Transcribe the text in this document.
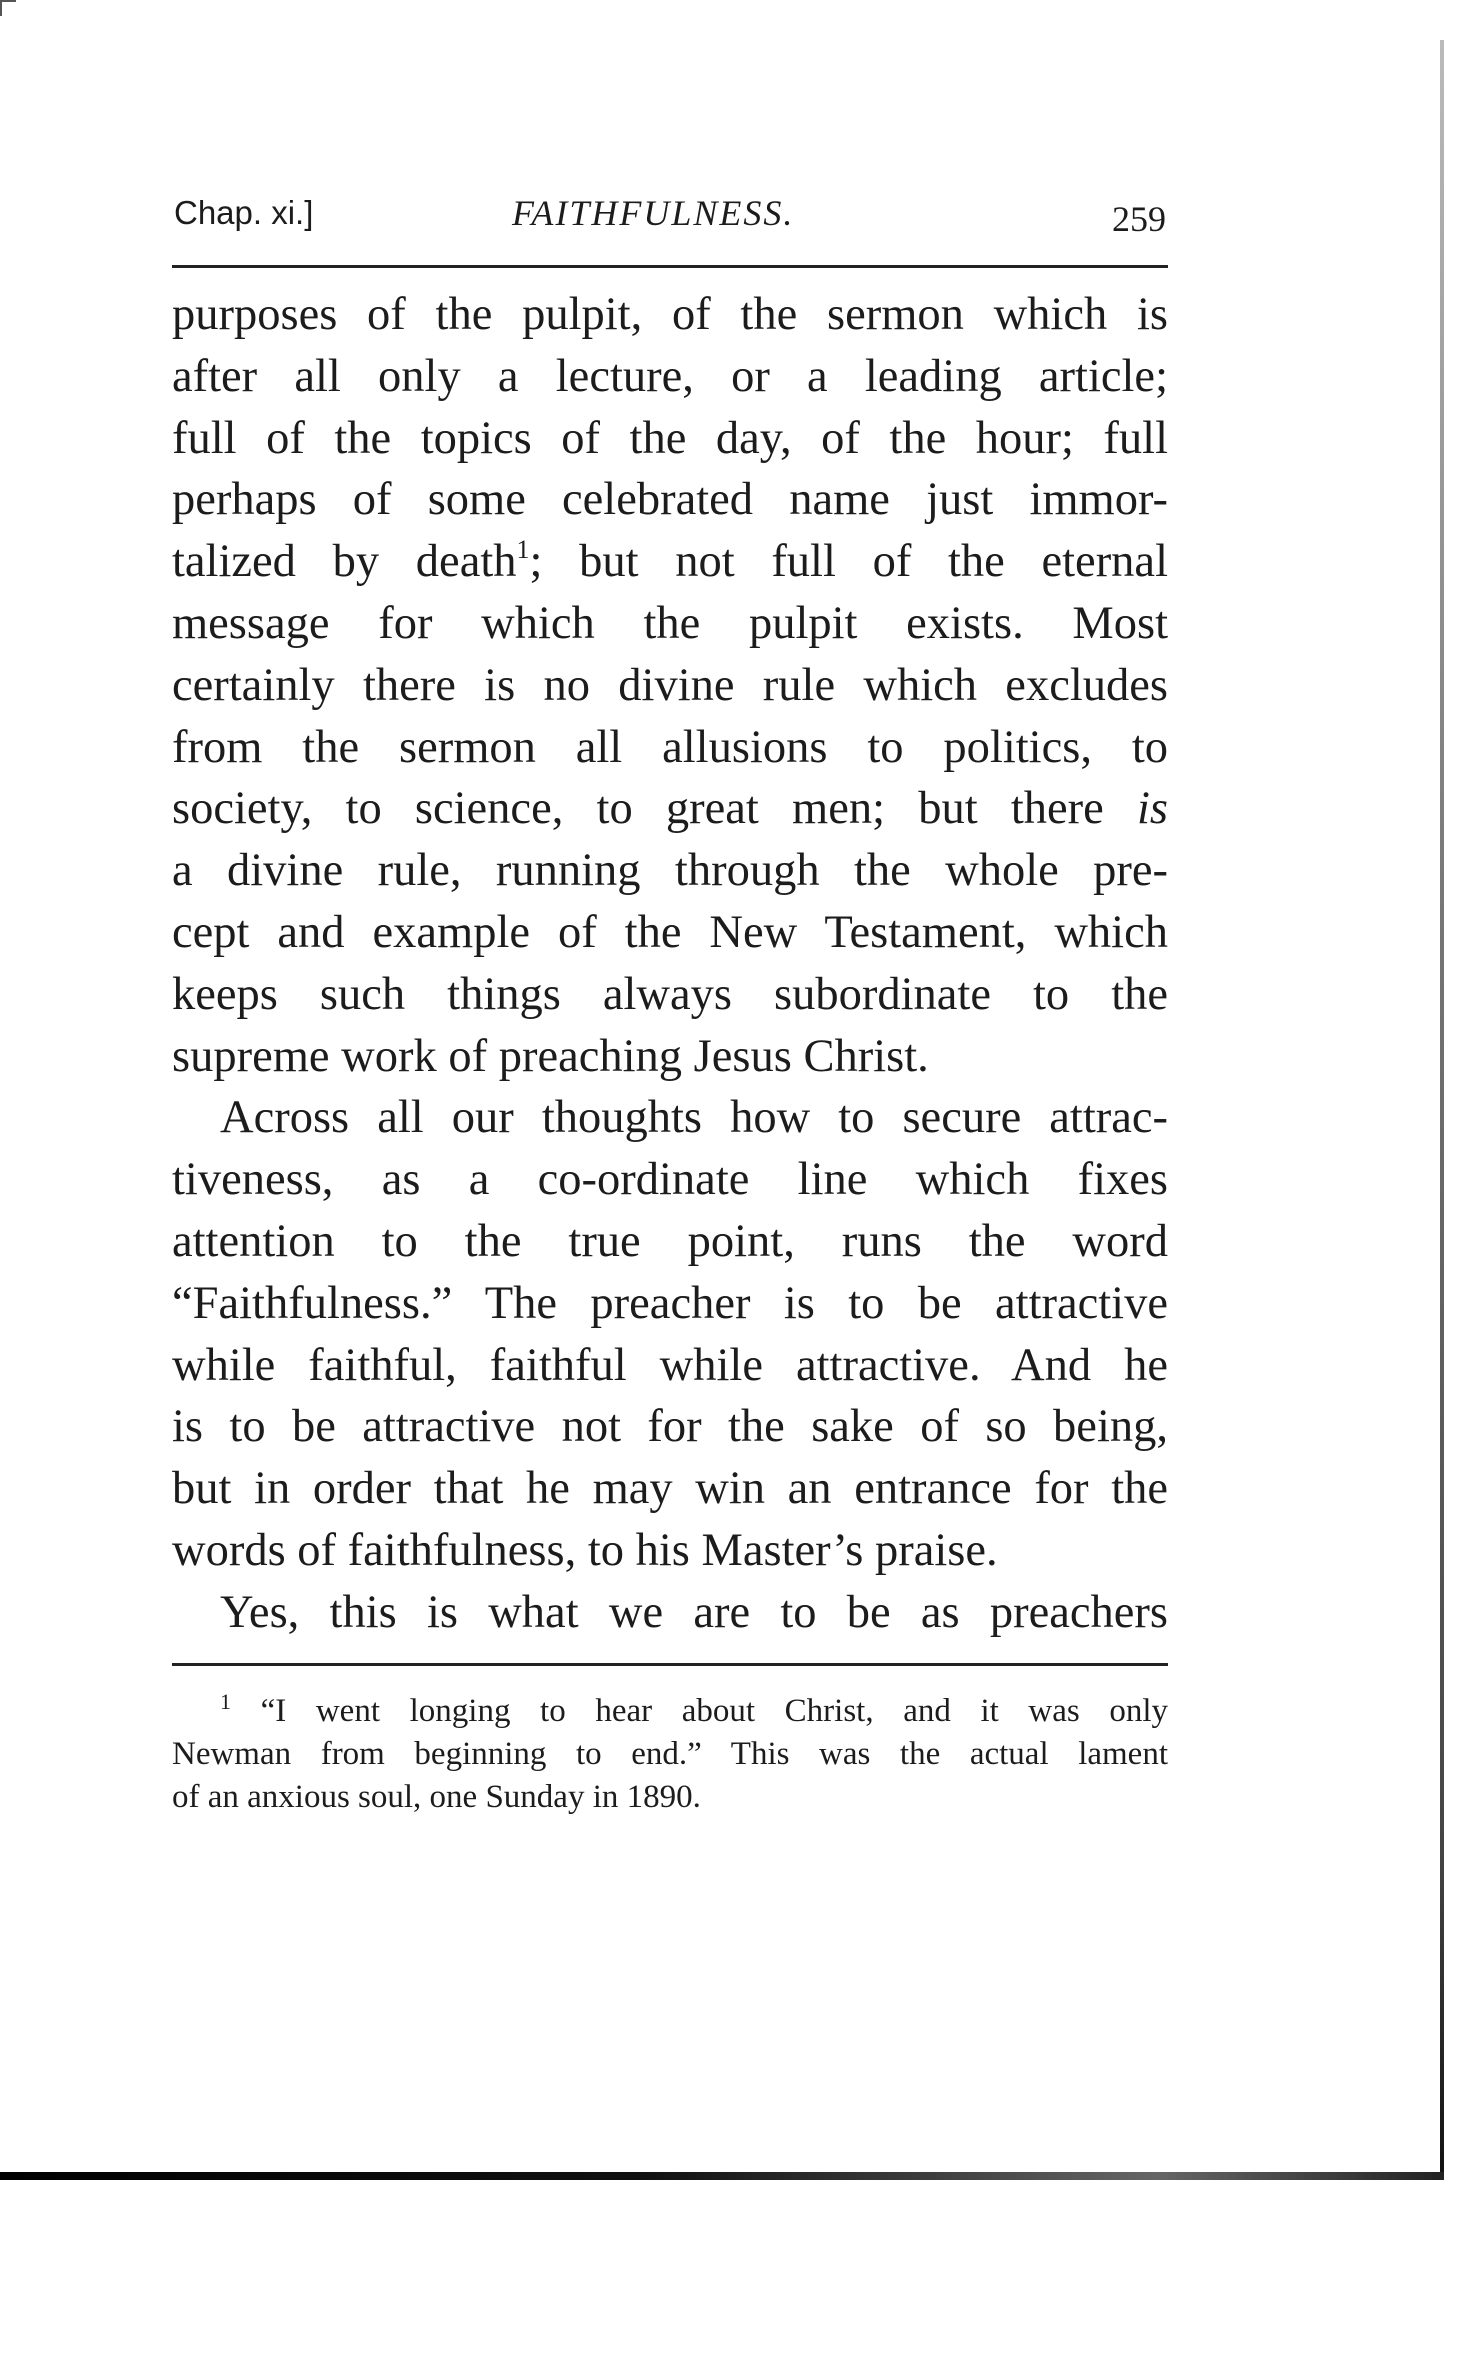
Chap. xi.]	FAITHFULNESS.	259
purposes of the pulpit, of the sermon which is
after all only a lecture, or a leading article;
full of the topics of the day, of the hour; full
perhaps of some celebrated name just immor-
talized by death$^1$; but not full of the eternal
message for which the pulpit exists. Most
certainly there is no divine rule which excludes
from the sermon all allusions to politics, to
society, to science, to great men; but there is
a divine rule, running through the whole pre-
cept and example of the New Testament, which
keeps such things always subordinate to the
supreme work of preaching Jesus Christ.
Across all our thoughts how to secure attrac-
tiveness, as a co-ordinate line which fixes
attention to the true point, runs the word
“Faithfulness.” The preacher is to be attractive
while faithful, faithful while attractive. And he
is to be attractive not for the sake of so being,
but in order that he may win an entrance for the
words of faithfulness, to his Master’s praise.
Yes, this is what we are to be as preachers
$^1$ “I went longing to hear about Christ, and it was only
Newman from beginning to end.” This was the actual lament
of an anxious soul, one Sunday in 1890.
